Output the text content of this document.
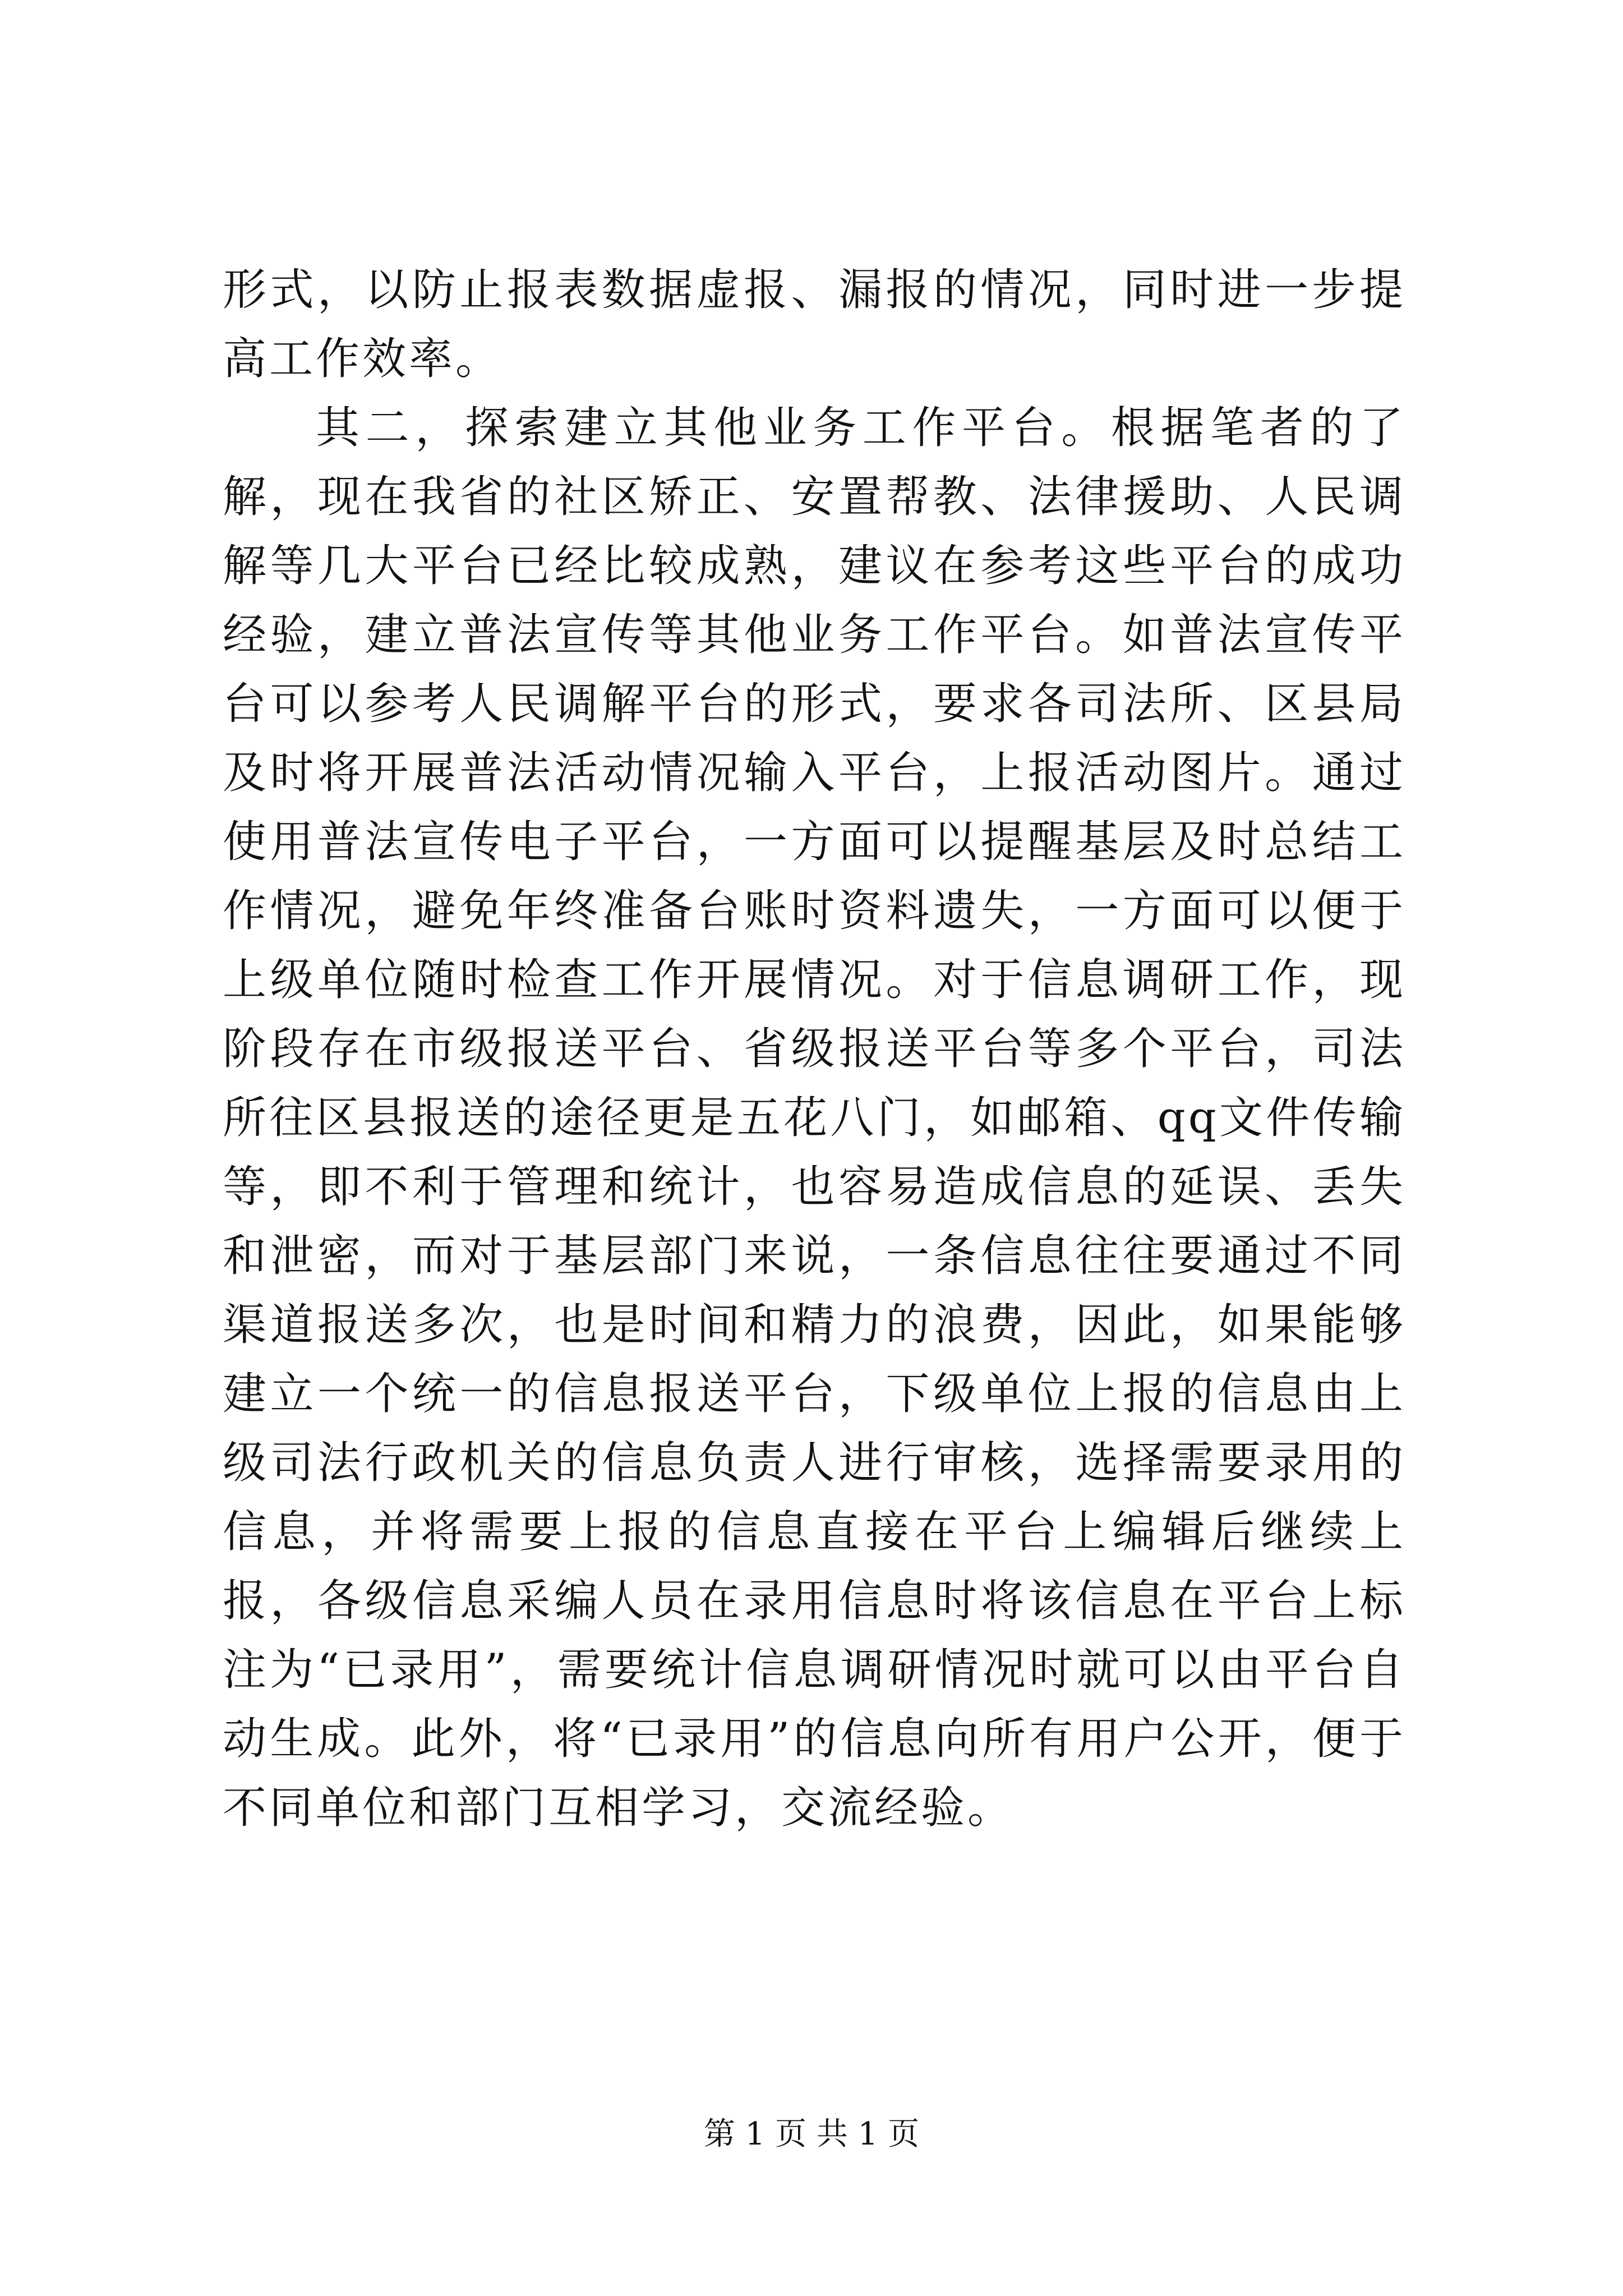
形式，以防止报表数据虚报、漏报的情况，同时进一步提高工作效率。

其二，探索建立其他业务工作平台。根据笔者的了解，现在我省的社区矫正、安置帮教、法律援助、人民调解等几大平台已经比较成熟，建议在参考这些平台的成功经验，建立普法宣传等其他业务工作平台。如普法宣传平台可以参考人民调解平台的形式，要求各司法所、区县局及时将开展普法活动情况输入平台，上报活动图片。通过使用普法宣传电子平台，一方面可以提醒基层及时总结工作情况，避免年终准备台账时资料遗失，一方面可以便于上级单位随时检查工作开展情况。对于信息调研工作，现阶段存在市级报送平台、省级报送平台等多个平台，司法所往区县报送的途径更是五花八门，如邮箱、qq文件传输等，即不利于管理和统计，也容易造成信息的延误、丢失和泄密，而对于基层部门来说，一条信息往往要通过不同渠道报送多次，也是时间和精力的浪费，因此，如果能够建立一个统一的信息报送平台，下级单位上报的信息由上级司法行政机关的信息负责人进行审核，选择需要录用的信息，并将需要上报的信息直接在平台上编辑后继续上报，各级信息采编人员在录用信息时将该信息在平台上标注为“已录用”，需要统计信息调研情况时就可以由平台自动生成。此外，将“已录用”的信息向所有用户公开，便于不同单位和部门互相学习，交流经验。

第 1 页 共 1 页
